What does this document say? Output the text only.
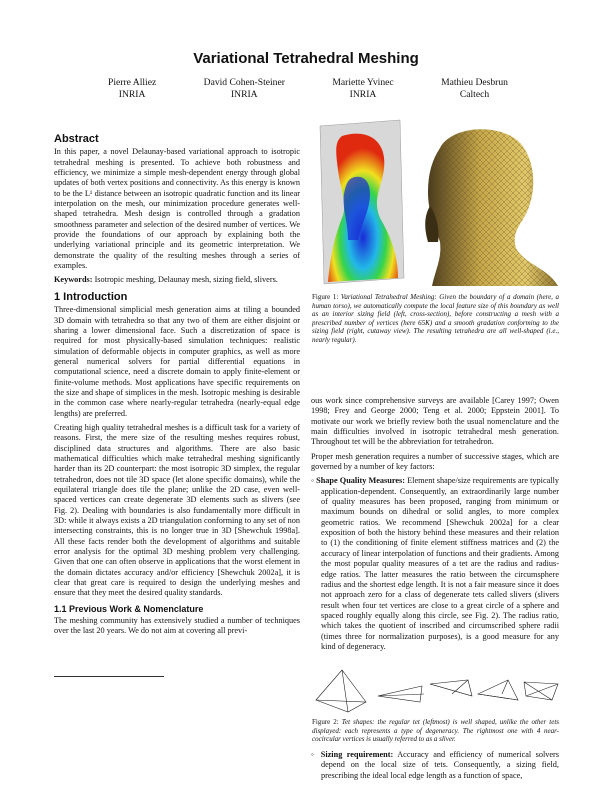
Variational Tetrahedral Meshing
Pierre Alliez
INRIA
David Cohen-Steiner
INRIA
Mariette Yvinec
INRIA
Mathieu Desbrun
Caltech
Abstract

In this paper, a novel Delaunay-based variational approach to isotropic tetrahedral meshing is presented. To achieve both robustness and efficiency, we minimize a simple mesh-dependent energy through global updates of both vertex positions and connectivity. As this energy is known to be the L¹ distance between an isotropic quadratic function and its linear interpolation on the mesh, our minimization procedure generates well-shaped tetrahedra. Mesh design is controlled through a gradation smoothness parameter and selection of the desired number of vertices. We provide the foundations of our approach by explaining both the underlying variational principle and its geometric interpretation. We demonstrate the quality of the resulting meshes through a series of examples.

Keywords: Isotropic meshing, Delaunay mesh, sizing field, slivers.

1 Introduction

Three-dimensional simplicial mesh generation aims at tiling a bounded 3D domain with tetrahedra so that any two of them are either disjoint or sharing a lower dimensional face. Such a discretization of space is required for most physically-based simulation techniques: realistic simulation of deformable objects in computer graphics, as well as more general numerical solvers for partial differential equations in computational science, need a discrete domain to apply finite-element or finite-volume methods. Most applications have specific requirements on the size and shape of simplices in the mesh. Isotropic meshing is desirable in the common case where nearly-regular tetrahedra (nearly-equal edge lengths) are preferred.

Creating high quality tetrahedral meshes is a difficult task for a variety of reasons. First, the mere size of the resulting meshes requires robust, disciplined data structures and algorithms. There are also basic mathematical difficulties which make tetrahedral meshing significantly harder than its 2D counterpart: the most isotropic 3D simplex, the regular tetrahedron, does not tile 3D space (let alone specific domains), while the equilateral triangle does tile the plane; unlike the 2D case, even well-spaced vertices can create degenerate 3D elements such as slivers (see Fig. 2). Dealing with boundaries is also fundamentally more difficult in 3D: while it always exists a 2D triangulation conforming to any set of non intersecting constraints, this is no longer true in 3D [Shewchuk 1998a]. All these facts render both the development of algorithms and suitable error analysis for the optimal 3D meshing problem very challenging. Given that one can often observe in applications that the worst element in the domain dictates accuracy and/or efficiency [Shewchuk 2002a], it is clear that great care is required to design the underlying meshes and ensure that they meet the desired quality standards.

1.1 Previous Work & Nomenclature

The meshing community has extensively studied a number of techniques over the last 20 years. We do not aim at covering all previ-

Figure 1: Variational Tetrahedral Meshing: Given the boundary of a domain (here, a human torso), we automatically compute the local feature size of this boundary as well as an interior sizing field (left, cross-section), before constructing a mesh with a prescribed number of vertices (here 65K) and a smooth gradation conforming to the sizing field (right, cutaway view). The resulting tetrahedra are all well-shaped (i.e., nearly regular).

ous work since comprehensive surveys are available [Carey 1997; Owen 1998; Frey and George 2000; Teng et al. 2000; Eppstein 2001]. To motivate our work we briefly review both the usual nomenclature and the main difficulties involved in isotropic tetrahedral mesh generation. Throughout tet will be the abbreviation for tetrahedron.

Proper mesh generation requires a number of successive stages, which are governed by a number of key factors:

◦ Shape Quality Measures: Element shape/size requirements are typically application-dependent. Consequently, an extraordinarily large number of quality measures has been proposed, ranging from minimum or maximum bounds on dihedral or solid angles, to more complex geometric ratios. We recommend [Shewchuk 2002a] for a clear exposition of both the history behind these measures and their relation to (1) the conditioning of finite element stiffness matrices and (2) the accuracy of linear interpolation of functions and their gradients. Among the most popular quality measures of a tet are the radius and radius-edge ratios. The latter measures the ratio between the circumsphere radius and the shortest edge length. It is not a fair measure since it does not approach zero for a class of degenerate tets called slivers (slivers result when four tet vertices are close to a great circle of a sphere and spaced roughly equally along this circle, see Fig. 2). The radius ratio, which takes the quotient of inscribed and circumscribed sphere radii (times three for normalization purposes), is a good measure for any kind of degeneracy.
Figure 2: Tet shapes: the regular tet (leftmost) is well shaped, unlike the other tets displayed: each represents a type of degeneracy. The rightmost one with 4 near-cocircular vertices is usually referred to as a sliver.
◦ Sizing requirement: Accuracy and efficiency of numerical solvers depend on the local size of tets. Consequently, a sizing field, prescribing the ideal local edge length as a function of space,
